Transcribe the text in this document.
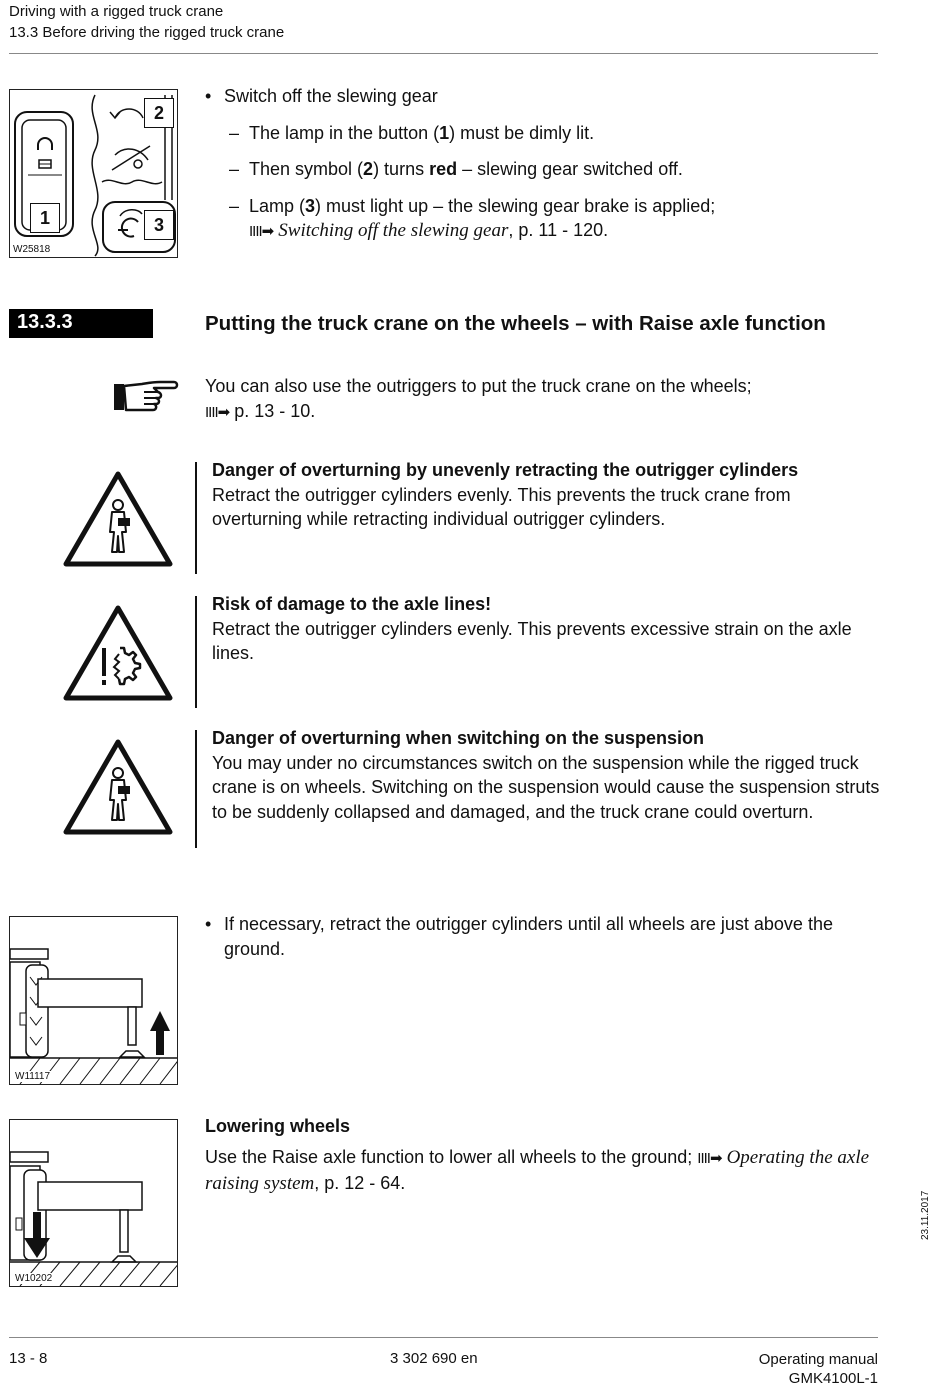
Driving with a rigged truck crane
13.3 Before driving the rigged truck crane
1
2
3
W25818
• Switch off the slewing gear
– The lamp in the button (1) must be dimly lit.
– Then symbol (2) turns red – slewing gear switched off.
– Lamp (3) must light up – the slewing gear brake is applied;
IIII➡ Switching off the slewing gear, p. 11 - 120.
13.3.3	Putting the truck crane on the wheels – with Raise axle function
You can also use the outriggers to put the truck crane on the wheels;
IIII➡ p. 13 - 10.
Danger of overturning by unevenly retracting the outrigger cylinders
Retract the outrigger cylinders evenly. This prevents the truck crane from overturning while retracting individual outrigger cylinders.
Risk of damage to the axle lines!
Retract the outrigger cylinders evenly. This prevents excessive strain on the axle lines.
Danger of overturning when switching on the suspension
You may under no circumstances switch on the suspension while the rigged truck crane is on wheels. Switching on the suspension would cause the suspension struts to be suddenly collapsed and damaged, and the truck crane could overturn.
W11117
• If necessary, retract the outrigger cylinders until all wheels are just above the ground.
W10202
Lowering wheels
Use the Raise axle function to lower all wheels to the ground; IIII➡ Operating the axle raising system, p. 12 - 64.
23.11.2017
13 - 8	3 302 690 en	Operating manual
GMK4100L-1
